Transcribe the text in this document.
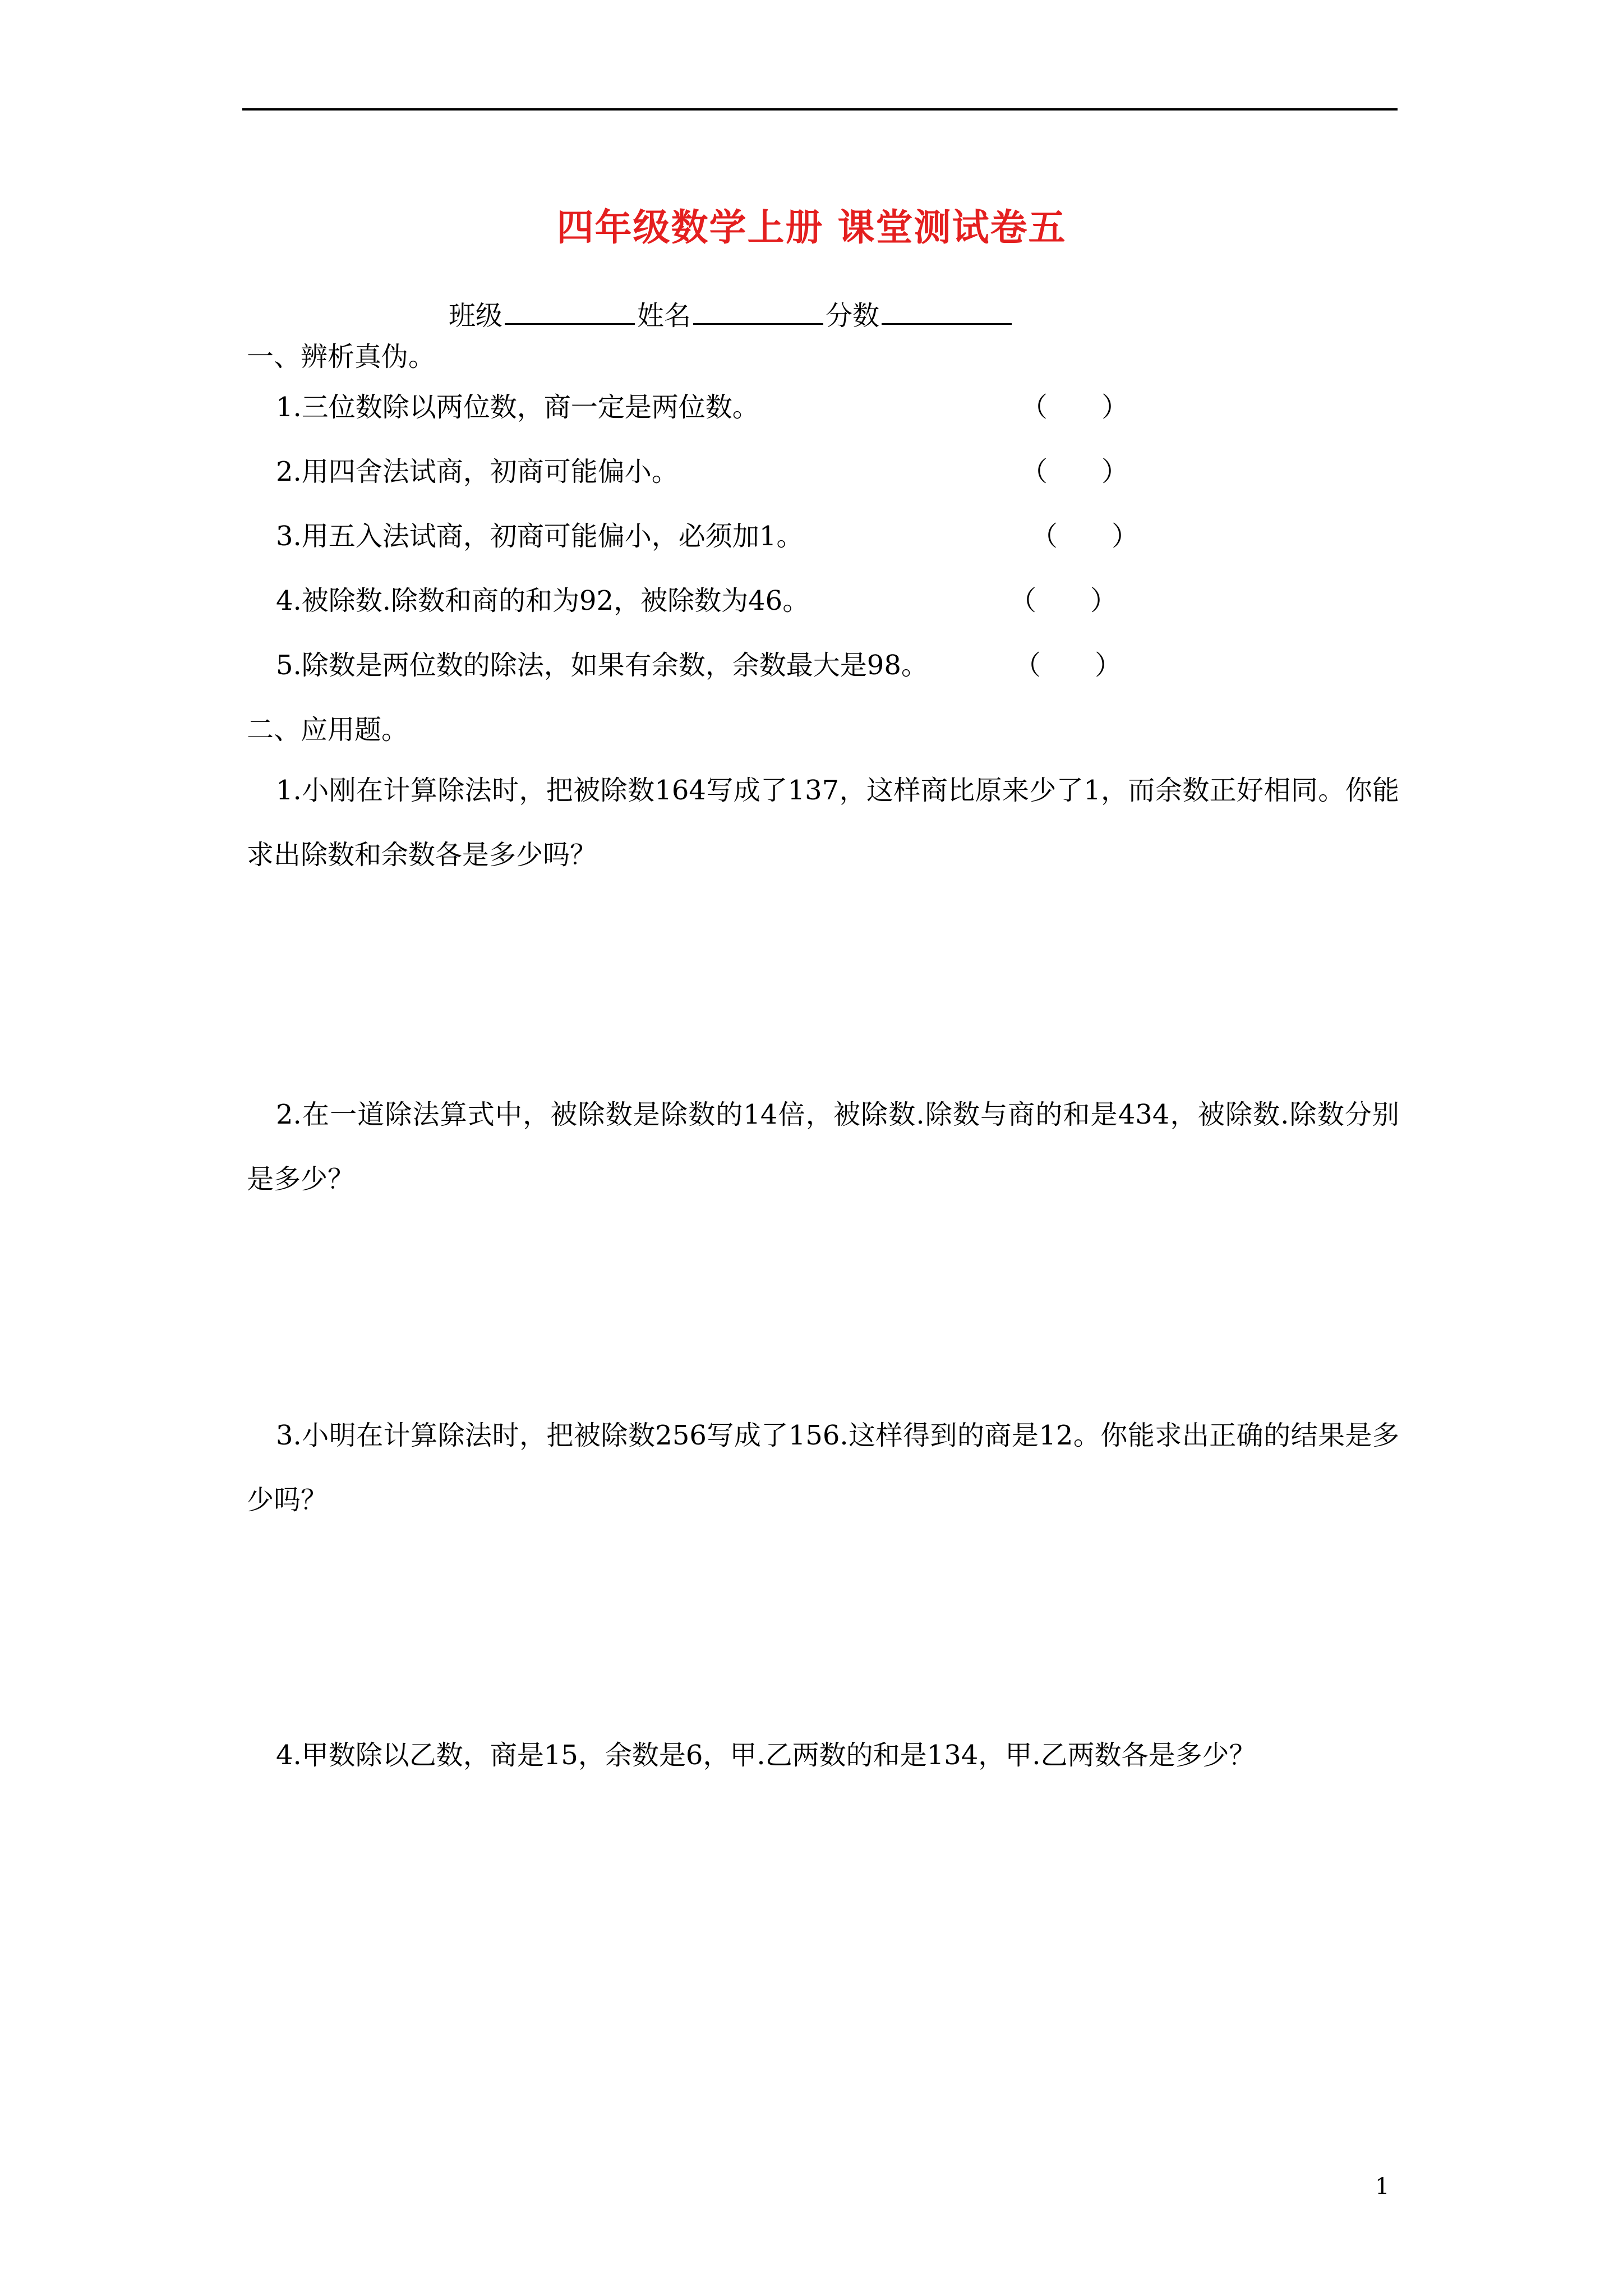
四年级数学上册 课堂测试卷五
班级	姓名	分数
一、辨析真伪。
1.三位数除以两位数，商一定是两位数。	（　　）
2.用四舍法试商，初商可能偏小。	（　　）
3.用五入法试商，初商可能偏小，必须加1。	（　　）
4.被除数.除数和商的和为92，被除数为46。	（　　）
5.除数是两位数的除法，如果有余数，余数最大是98。	（　　）
二、应用题。
1.小刚在计算除法时，把被除数164写成了137，这样商比原来少了1，而余数正好相同。你能求出除数和余数各是多少吗？
2.在一道除法算式中，被除数是除数的14倍，被除数.除数与商的和是434，被除数.除数分别是多少？
3.小明在计算除法时，把被除数256写成了156.这样得到的商是12。你能求出正确的结果是多少吗？
4.甲数除以乙数，商是15，余数是6，甲.乙两数的和是134，甲.乙两数各是多少？
1
